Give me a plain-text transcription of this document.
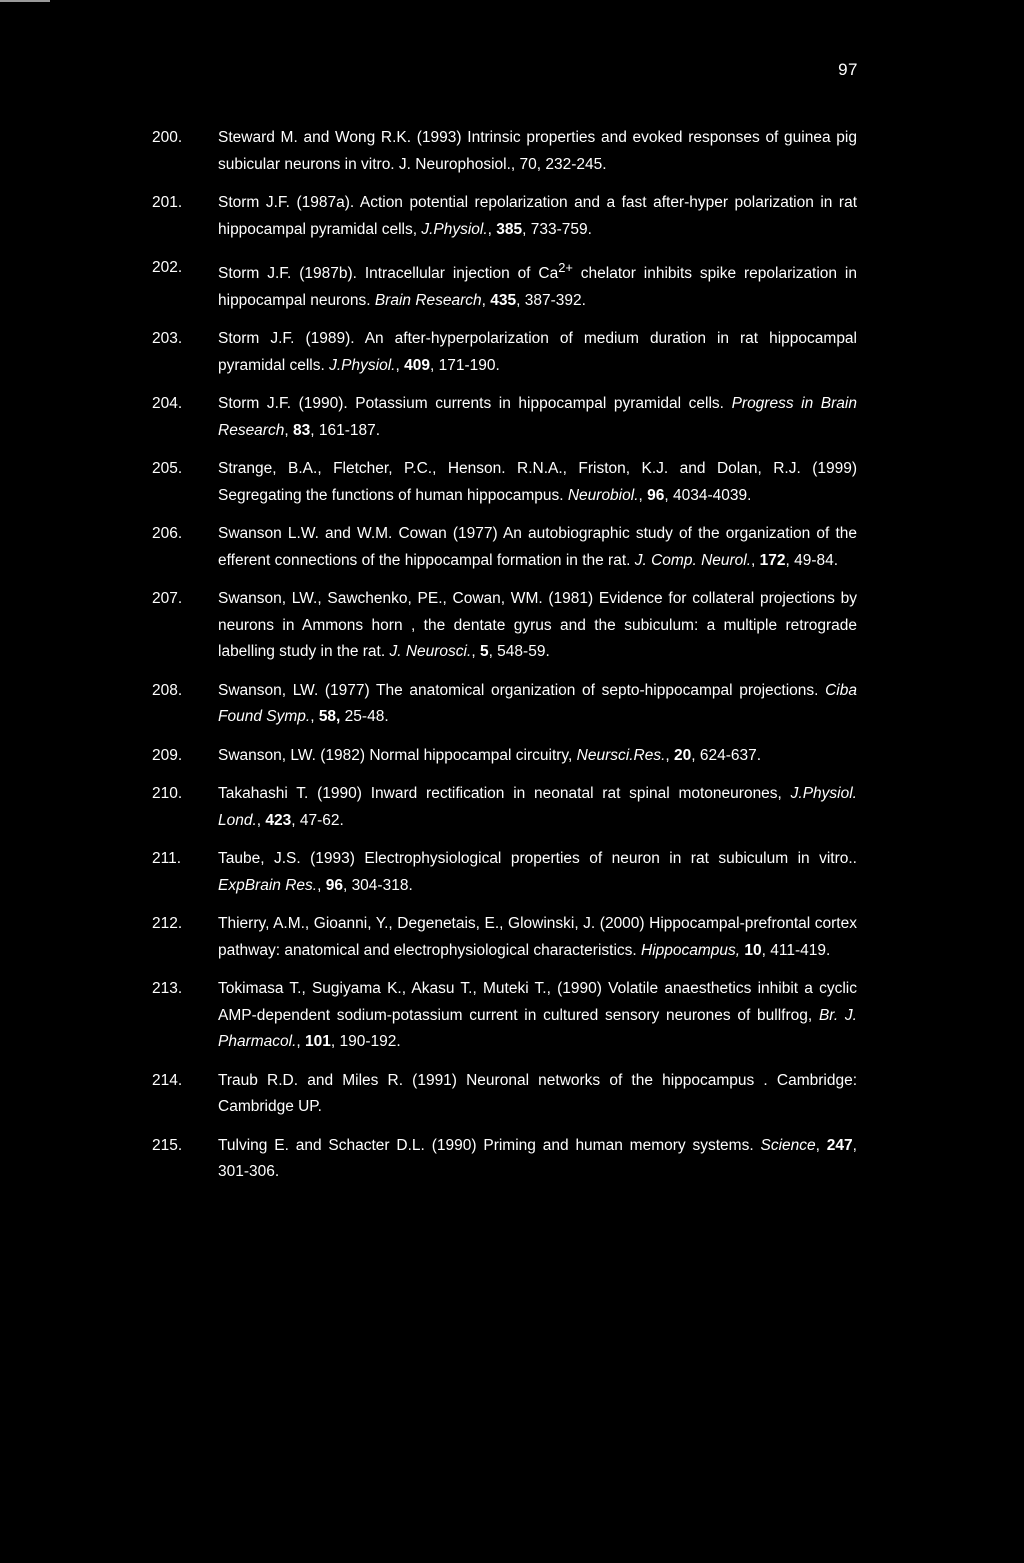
97
200.	Steward M. and Wong R.K. (1993) Intrinsic properties and evoked responses of guinea pig subicular neurons in vitro. J. Neurophosiol., 70, 232-245.
201.	Storm J.F. (1987a). Action potential repolarization and a fast after-hyper polarization in rat hippocampal pyramidal cells, J.Physiol., 385, 733-759.
202.	Storm J.F. (1987b). Intracellular injection of $Ca^{2+}$ chelator inhibits spike repolarization in hippocampal neurons. Brain Research, 435, 387-392.
203.	Storm J.F. (1989). An after-hyperpolarization of medium duration in rat hippocampal pyramidal cells. J.Physiol., 409, 171-190.
204.	Storm J.F. (1990). Potassium currents in hippocampal pyramidal cells. Progress in Brain Research, 83, 161-187.
205.	Strange, B.A., Fletcher, P.C., Henson. R.N.A., Friston, K.J. and Dolan, R.J. (1999) Segregating the functions of human hippocampus. Neurobiol., 96, 4034-4039.
206.	Swanson L.W. and W.M. Cowan (1977) An autobiographic study of the organization of the efferent connections of the hippocampal formation in the rat. J. Comp. Neurol., 172, 49-84.
207.	Swanson, LW., Sawchenko, PE., Cowan, WM. (1981) Evidence for collateral projections by neurons in Ammons horn , the dentate gyrus and the subiculum: a multiple retrograde labelling study in the rat. J. Neurosci., 5, 548-59.
208.	Swanson, LW. (1977) The anatomical organization of septo-hippocampal projections. Ciba Found Symp., 58, 25-48.
209.	Swanson, LW. (1982) Normal hippocampal circuitry, Neursci.Res., 20, 624-637.
210.	Takahashi T. (1990) Inward rectification in neonatal rat spinal motoneurones, J.Physiol. Lond., 423, 47-62.
211.	Taube, J.S. (1993) Electrophysiological properties of neuron in rat subiculum in vitro.. ExpBrain Res., 96, 304-318.
212.	Thierry, A.M., Gioanni, Y., Degenetais, E., Glowinski, J. (2000) Hippocampal-prefrontal cortex pathway: anatomical and electrophysiological characteristics. Hippocampus, 10, 411-419.
213.	Tokimasa T., Sugiyama K., Akasu T., Muteki T., (1990) Volatile anaesthetics inhibit a cyclic AMP-dependent sodium-potassium current in cultured sensory neurones of bullfrog, Br. J. Pharmacol., 101, 190-192.
214.	Traub R.D. and Miles R. (1991) Neuronal networks of the hippocampus . Cambridge: Cambridge UP.
215.	Tulving E. and Schacter D.L. (1990) Priming and human memory systems. Science, 247, 301-306.
